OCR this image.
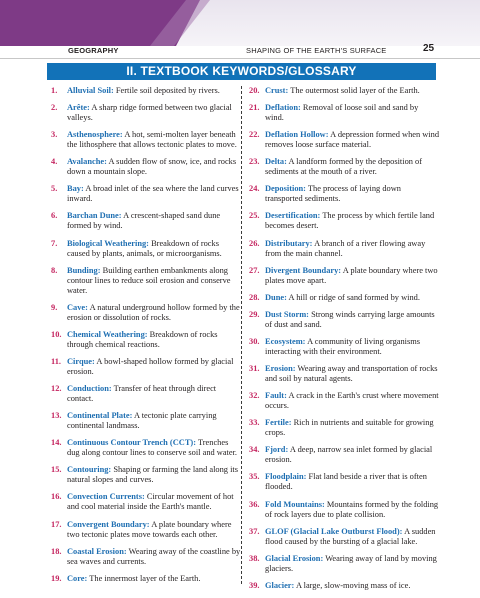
GEOGRAPHY	SHAPING OF THE EARTH'S SURFACE	25
II. TEXTBOOK KEYWORDS/GLOSSARY
1. Alluvial Soil: Fertile soil deposited by rivers.
2. Arête: A sharp ridge formed between two glacial valleys.
3. Asthenosphere: A hot, semi-molten layer beneath the lithosphere that allows tectonic plates to move.
4. Avalanche: A sudden flow of snow, ice, and rocks down a mountain slope.
5. Bay: A broad inlet of the sea where the land curves inward.
6. Barchan Dune: A crescent-shaped sand dune formed by wind.
7. Biological Weathering: Breakdown of rocks caused by plants, animals, or microorganisms.
8. Bunding: Building earthen embankments along contour lines to reduce soil erosion and conserve water.
9. Cave: A natural underground hollow formed by the erosion or dissolution of rocks.
10. Chemical Weathering: Breakdown of rocks through chemical reactions.
11. Cirque: A bowl-shaped hollow formed by glacial erosion.
12. Conduction: Transfer of heat through direct contact.
13. Continental Plate: A tectonic plate carrying continental landmass.
14. Continuous Contour Trench (CCT): Trenches dug along contour lines to conserve soil and water.
15. Contouring: Shaping or farming the land along its natural slopes and curves.
16. Convection Currents: Circular movement of hot and cool material inside the Earth's mantle.
17. Convergent Boundary: A plate boundary where two tectonic plates move towards each other.
18. Coastal Erosion: Wearing away of the coastline by sea waves and currents.
19. Core: The innermost layer of the Earth.
20. Crust: The outermost solid layer of the Earth.
21. Deflation: Removal of loose soil and sand by wind.
22. Deflation Hollow: A depression formed when wind removes loose surface material.
23. Delta: A landform formed by the deposition of sediments at the mouth of a river.
24. Deposition: The process of laying down transported sediments.
25. Desertification: The process by which fertile land becomes desert.
26. Distributary: A branch of a river flowing away from the main channel.
27. Divergent Boundary: A plate boundary where two plates move apart.
28. Dune: A hill or ridge of sand formed by wind.
29. Dust Storm: Strong winds carrying large amounts of dust and sand.
30. Ecosystem: A community of living organisms interacting with their environment.
31. Erosion: Wearing away and transportation of rocks and soil by natural agents.
32. Fault: A crack in the Earth's crust where movement occurs.
33. Fertile: Rich in nutrients and suitable for growing crops.
34. Fjord: A deep, narrow sea inlet formed by glacial erosion.
35. Floodplain: Flat land beside a river that is often flooded.
36. Fold Mountains: Mountains formed by the folding of rock layers due to plate collision.
37. GLOF (Glacial Lake Outburst Flood): A sudden flood caused by the bursting of a glacial lake.
38. Glacial Erosion: Wearing away of land by moving glaciers.
39. Glacier: A large, slow-moving mass of ice.
